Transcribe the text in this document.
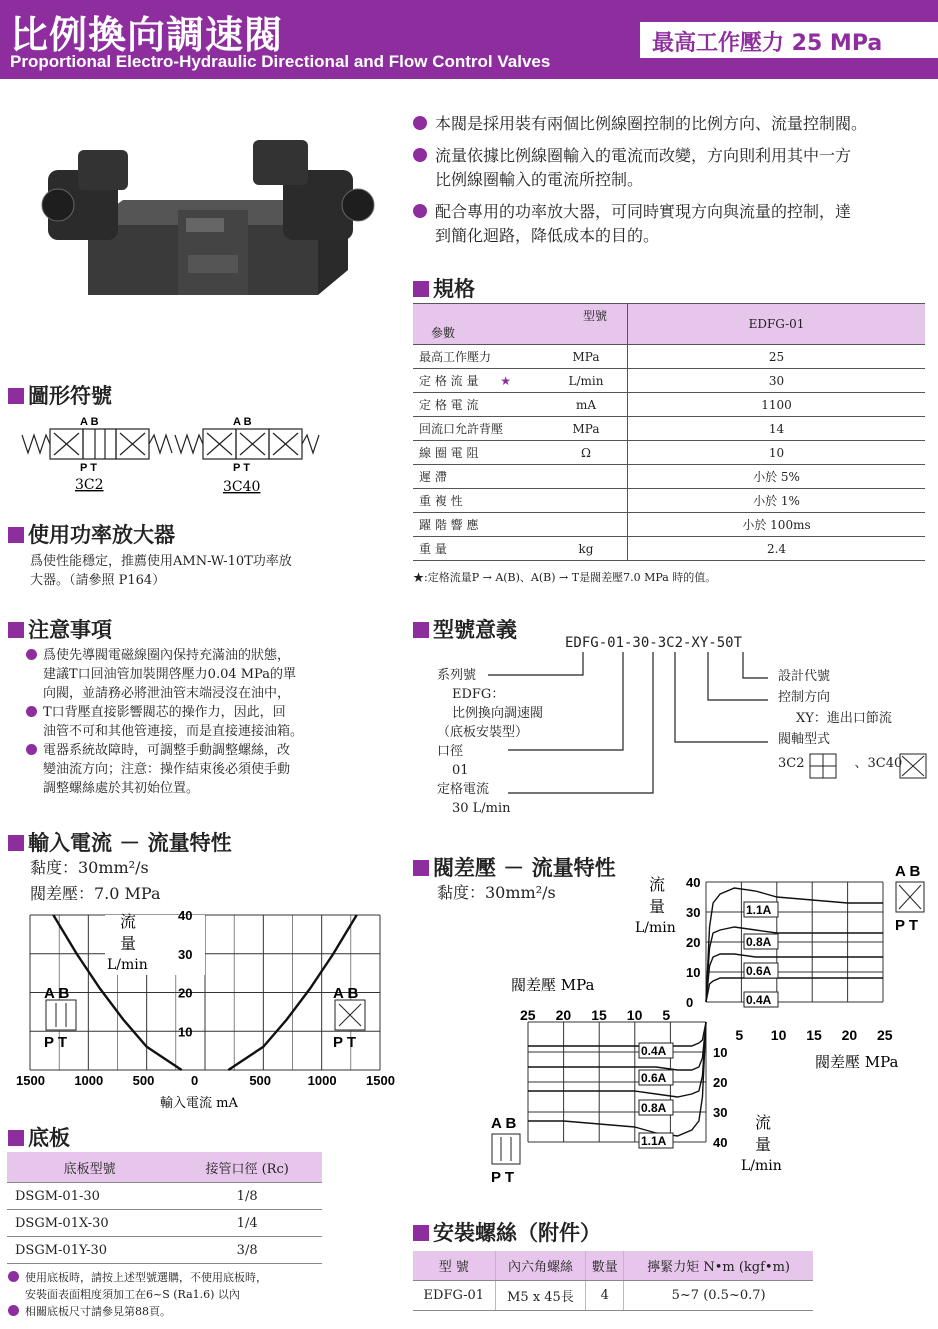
比例換向調速閥
Proportional Electro-Hydraulic Directional and Flow Control Valves
最高工作壓力 25 MPa
本閥是採用裝有兩個比例線圈控制的比例方向、流量控制閥。
流量依據比例線圈輸入的電流而改變，方向則利用其中一方
比例線圈輸入的電流所控制。
配合專用的功率放大器，可同時實現方向與流量的控制，達
到簡化迴路，降低成本的目的。
規格
型號
參數		EDFG-01
最高工作壓力	MPa	25
定 格 流 量 ★	L/min	30
定 格 電 流	mA	1100
回流口允許背壓	MPa	14
線 圈 電 阻	Ω	10
遲 滯		小於 5%
重 複 性		小於 1%
躍 階 響 應		小於 100ms
重 量	kg	2.4
★:定格流量P → A(B)、A(B) → T是閥差壓7.0 MPa 時的值。
圖形符號
A B
P T
A B
P T
3C2	3C40
使用功率放大器
爲使性能穩定，推薦使用AMN-W-10T功率放
大器。（請參照 P164）
注意事項
爲使先導閥電磁線圈內保持充滿油的狀態，
建議T口回油管加裝開啓壓力0.04 MPa的單
向閥，並請務必將泄油管末端浸沒在油中，
T口背壓直接影響閥芯的操作力，因此，回
油管不可和其他管連接，而是直接連接油箱。
電器系統故障時，可調整手動調整螺絲，改
變油流方向；注意：操作結束後必須使手動
調整螺絲處於其初始位置。
型號意義
EDFG-01-30-3C2-XY-50T
系列號
EDFG：
比例換向調速閥
（底板安裝型）
口徑
01
定格電流
30 L/min
設計代號
控制方向
XY：進出口節流
閥軸型式
3C2	、3C40
輸入電流 － 流量特性
黏度：30mm²/s
閥差壓：7.0 MPa
40
30
20
10
流
量
L/min
1500 1000 500	0	500	1000 1500
輸入電流 mA
A B
P T
A B
P T
閥差壓 － 流量特性
黏度：30mm²/s
40
30
20
10
0
10
20
30
40
5 10 15 20 25
25 20 15 10 5
流
量
L/min
閥差壓 MPa
閥差壓 MPa
流
量
L/min
1.1A
0.8A
0.6A
0.4A
0.4A
0.6A
0.8A
1.1A
A B
P T
A B
P T
底板
底板型號	接管口徑 (Rc)
DSGM-01-30	1/8
DSGM-01X-30	1/4
DSGM-01Y-30	3/8
使用底板時，請按上述型號選購，不使用底板時，
安裝面表面粗度須加工在6~S (Ra1.6) 以內
相關底板尺寸請參見第88頁。
安裝螺絲（附件）
型 號	內六角螺絲	數量	擰緊力矩 N•m (kgf•m)
EDFG-01	M5 x 45長	4	5~7 (0.5~0.7)
